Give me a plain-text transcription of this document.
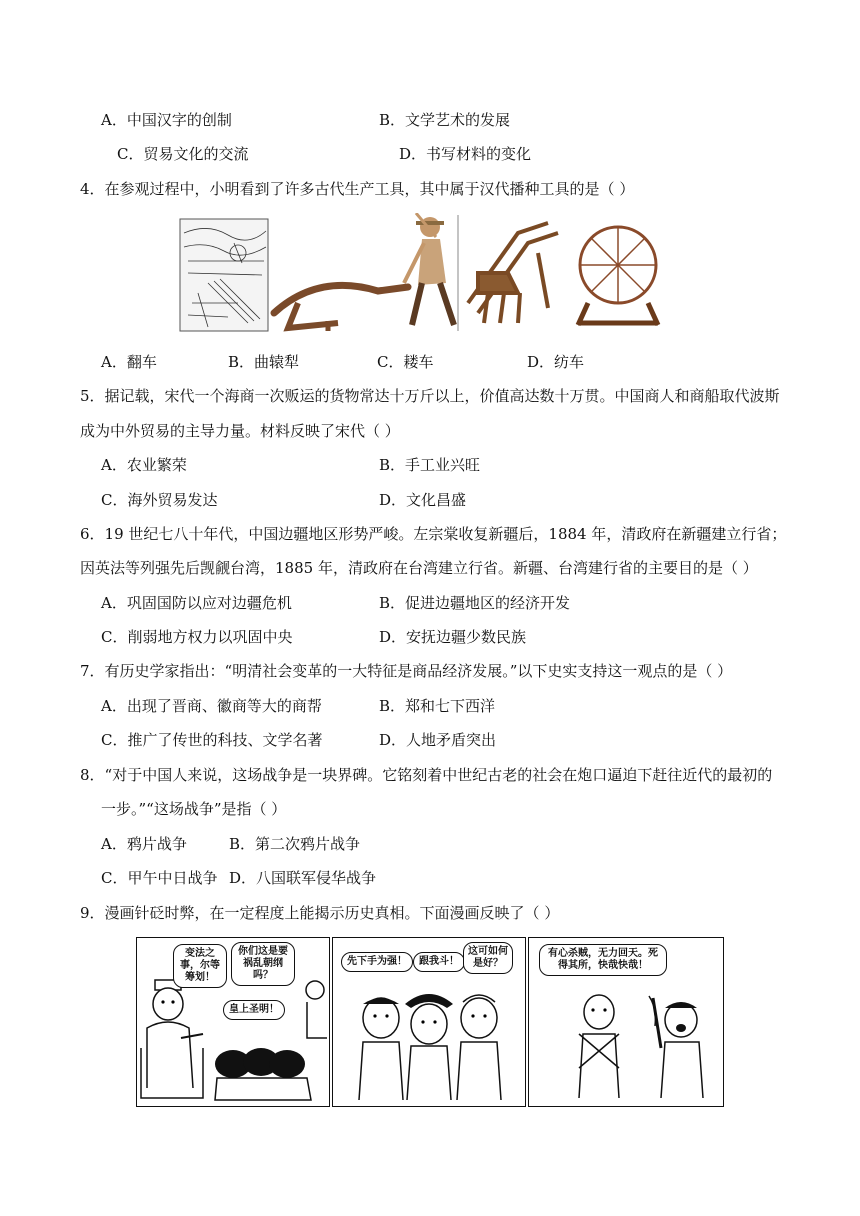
A．中国汉字的创制	B．文学艺术的发展
C．贸易文化的交流	D．书写材料的变化
4．在参观过程中，小明看到了许多古代生产工具，其中属于汉代播种工具的是（ ）
A．翻车	B．曲辕犁	C．耧车	D．纺车
5．据记载，宋代一个海商一次贩运的货物常达十万斤以上，价值高达数十万贯。中国商人和商船取代波斯
成为中外贸易的主导力量。材料反映了宋代（ ）
A．农业繁荣	B．手工业兴旺
C．海外贸易发达	D．文化昌盛
6．19 世纪七八十年代，中国边疆地区形势严峻。左宗棠收复新疆后，1884 年，清政府在新疆建立行省；
因英法等列强先后觊觎台湾，1885 年，清政府在台湾建立行省。新疆、台湾建行省的主要目的是（ ）
A．巩固国防以应对边疆危机	B．促进边疆地区的经济开发
C．削弱地方权力以巩固中央	D．安抚边疆少数民族
7．有历史学家指出：“明清社会变革的一大特征是商品经济发展。”以下史实支持这一观点的是（ ）
A．出现了晋商、徽商等大的商帮	B．郑和七下西洋
C．推广了传世的科技、文学名著	D．人地矛盾突出
8．“对于中国人来说，这场战争是一块界碑。它铭刻着中世纪古老的社会在炮口逼迫下赶往近代的最初的
一步。”“这场战争”是指（ ）
A．鸦片战争	B．第二次鸦片战争
C．甲午中日战争 D．八国联军侵华战争
9．漫画针砭时弊，在一定程度上能揭示历史真相。下面漫画反映了（ ）
变法之事，尔等筹划！
你们这是要祸乱朝纲吗？
皇上圣明！
先下手为强！	跟我斗！
这可如何是好？
有心杀贼，无力回天。死得其所，快哉快哉！
